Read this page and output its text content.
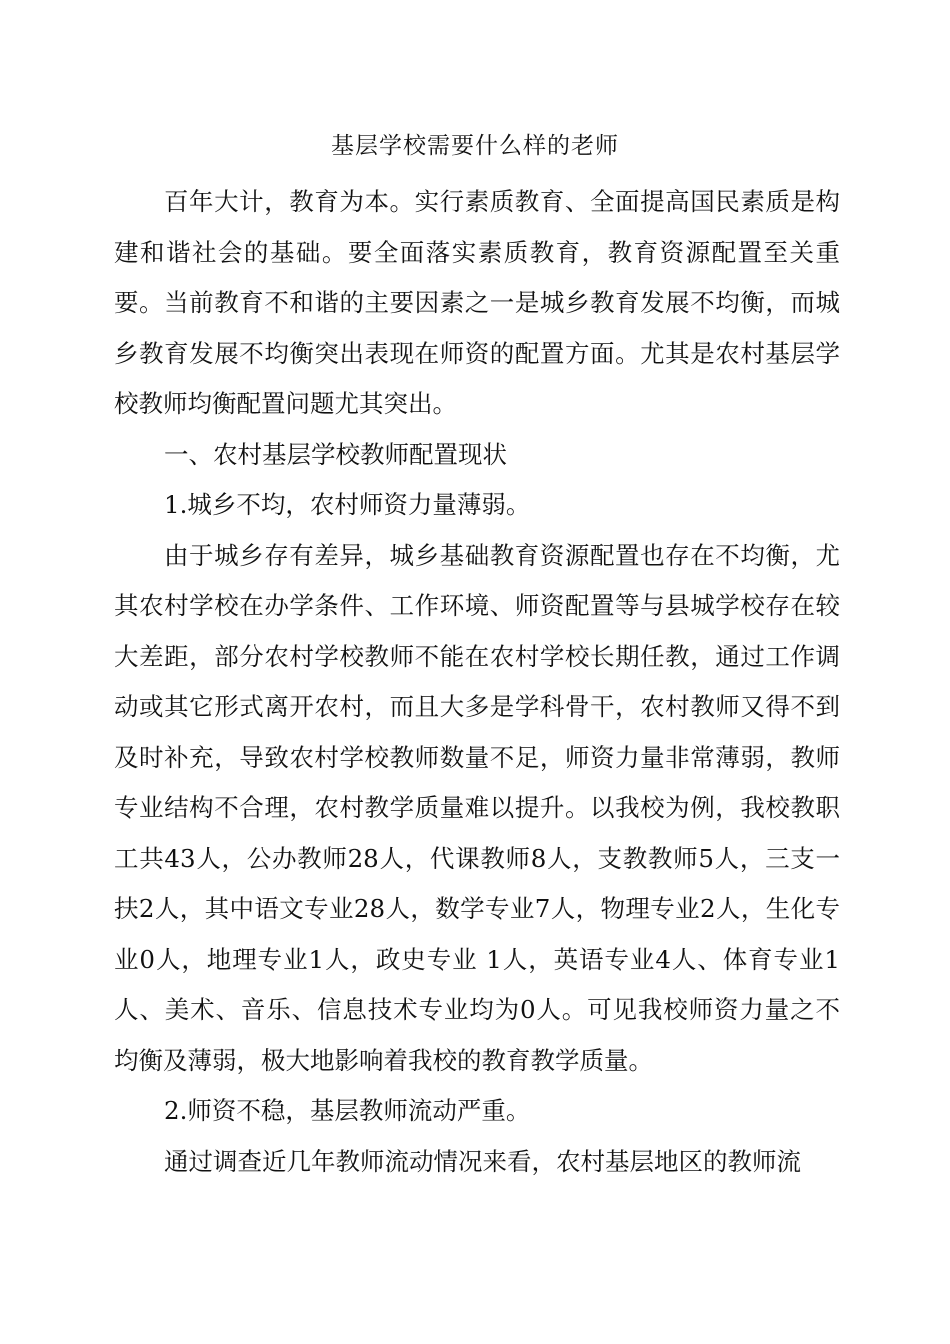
基层学校需要什么样的老师

百年大计，教育为本。实行素质教育、全面提高国民素质是构建和谐社会的基础。要全面落实素质教育，教育资源配置至关重要。当前教育不和谐的主要因素之一是城乡教育发展不均衡，而城乡教育发展不均衡突出表现在师资的配置方面。尤其是农村基层学校教师均衡配置问题尤其突出。

一、农村基层学校教师配置现状

1.城乡不均，农村师资力量薄弱。

由于城乡存有差异，城乡基础教育资源配置也存在不均衡，尤其农村学校在办学条件、工作环境、师资配置等与县城学校存在较大差距，部分农村学校教师不能在农村学校长期任教，通过工作调动或其它形式离开农村，而且大多是学科骨干，农村教师又得不到及时补充，导致农村学校教师数量不足，师资力量非常薄弱，教师专业结构不合理，农村教学质量难以提升。以我校为例，我校教职工共43人，公办教师28人，代课教师8人，支教教师5人，三支一扶2人，其中语文专业28人，数学专业7人，物理专业2人，生化专业0人，地理专业1人，政史专业 1人，英语专业4人、体育专业1人、美术、音乐、信息技术专业均为0人。可见我校师资力量之不均衡及薄弱，极大地影响着我校的教育教学质量。

2.师资不稳，基层教师流动严重。

通过调查近几年教师流动情况来看，农村基层地区的教师流
